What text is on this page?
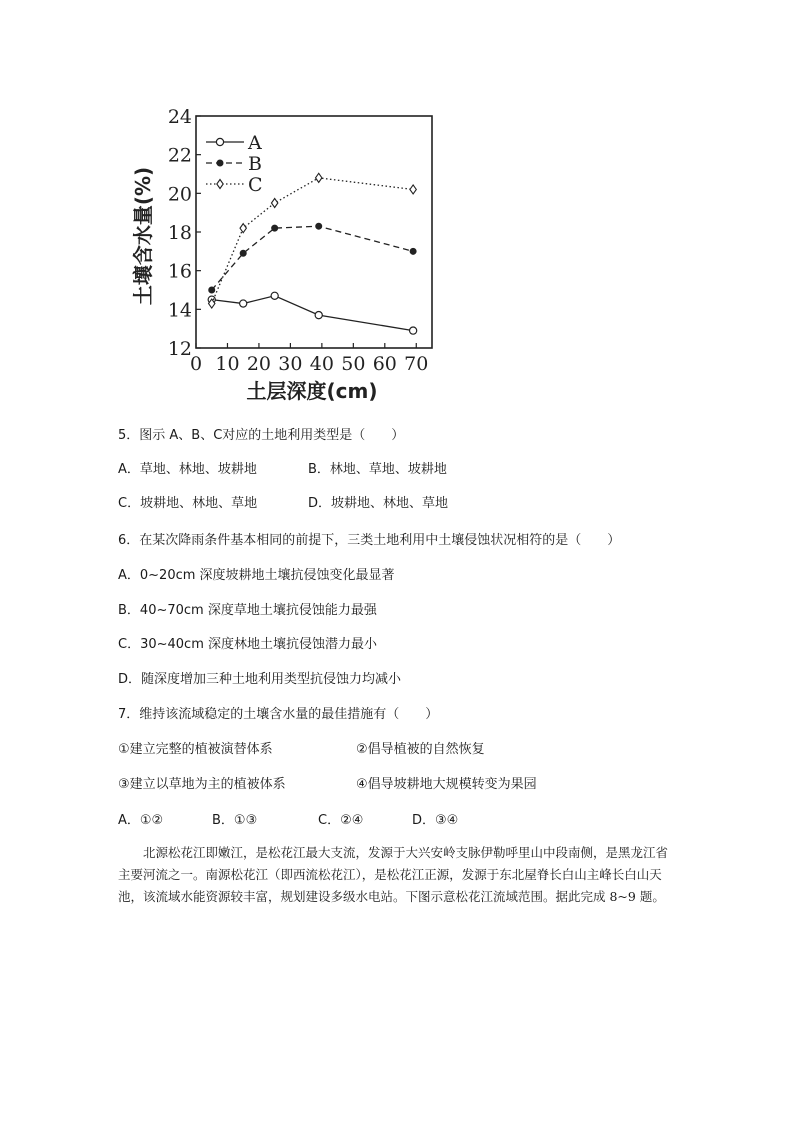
12
14
16
18
20
22
24
0 10 20 30 40 50 60 70
土层深度(cm)
土壤含水量(%)
A
B
C
5．图示 A、B、C对应的土地利用类型是（　　）
A．草地、林地、坡耕地	B．林地、草地、坡耕地
C．坡耕地、林地、草地	D．坡耕地、林地、草地
6．在某次降雨条件基本相同的前提下，三类土地利用中土壤侵蚀状况相符的是（　　）
A．0~20cm 深度坡耕地土壤抗侵蚀变化最显著
B．40~70cm 深度草地土壤抗侵蚀能力最强
C．30~40cm 深度林地土壤抗侵蚀潜力最小
D．随深度增加三种土地利用类型抗侵蚀力均减小
7．维持该流域稳定的土壤含水量的最佳措施有（　　）
①建立完整的植被演替体系	②倡导植被的自然恢复
③建立以草地为主的植被体系	④倡导坡耕地大规模转变为果园
A．①②	B．①③	C．②④	D．③④

北源松花江即嫩江，是松花江最大支流，发源于大兴安岭支脉伊勒呼里山中段南侧，是黑龙江省主要河流之一。南源松花江（即西流松花江），是松花江正源，发源于东北屋脊长白山主峰长白山天池，该流域水能资源较丰富，规划建设多级水电站。下图示意松花江流域范围。据此完成 8~9 题。
